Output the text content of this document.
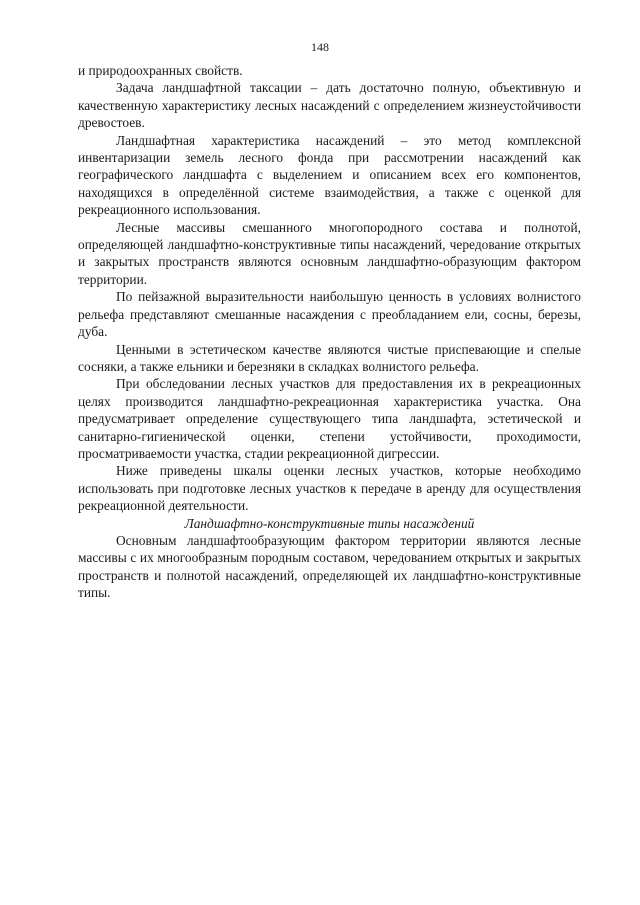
148

и природоохранных свойств.

Задача ландшафтной таксации – дать достаточно полную, объективную и качественную характеристику лесных насаждений с определением жизнеустойчивости древостоев.

Ландшафтная характеристика насаждений – это метод комплексной инвентаризации земель лесного фонда при рассмотрении насаждений как географического ландшафта с выделением и описанием всех его компонентов, находящихся в определённой системе взаимодействия, а также с оценкой для рекреационного использования.

Лесные массивы смешанного многопородного состава и полнотой, определяющей ландшафтно-конструктивные типы насаждений, чередование открытых и закрытых пространств являются основным ландшафтно-образующим фактором территории.

По пейзажной выразительности наибольшую ценность в условиях волнистого рельефа представляют смешанные насаждения с преобладанием ели, сосны, березы, дуба.

Ценными в эстетическом качестве являются чистые приспевающие и спелые сосняки, а также ельники и березняки в складках волнистого рельефа.

При обследовании лесных участков для предоставления их в рекреационных целях производится ландшафтно-рекреационная характеристика участка. Она предусматривает определение существующего типа ландшафта, эстетической и санитарно-гигиенической оценки, степени устойчивости, проходимости, просматриваемости участка, стадии рекреационной дигрессии.

Ниже приведены шкалы оценки лесных участков, которые необходимо использовать при подготовке лесных участков к передаче в аренду для осуществления рекреационной деятельности.

Ландшафтно-конструктивные типы насаждений

Основным ландшафтообразующим фактором территории являются лесные массивы с их многообразным породным составом, чередованием открытых и закрытых пространств и полнотой насаждений, определяющей их ландшафтно-конструктивные типы.
